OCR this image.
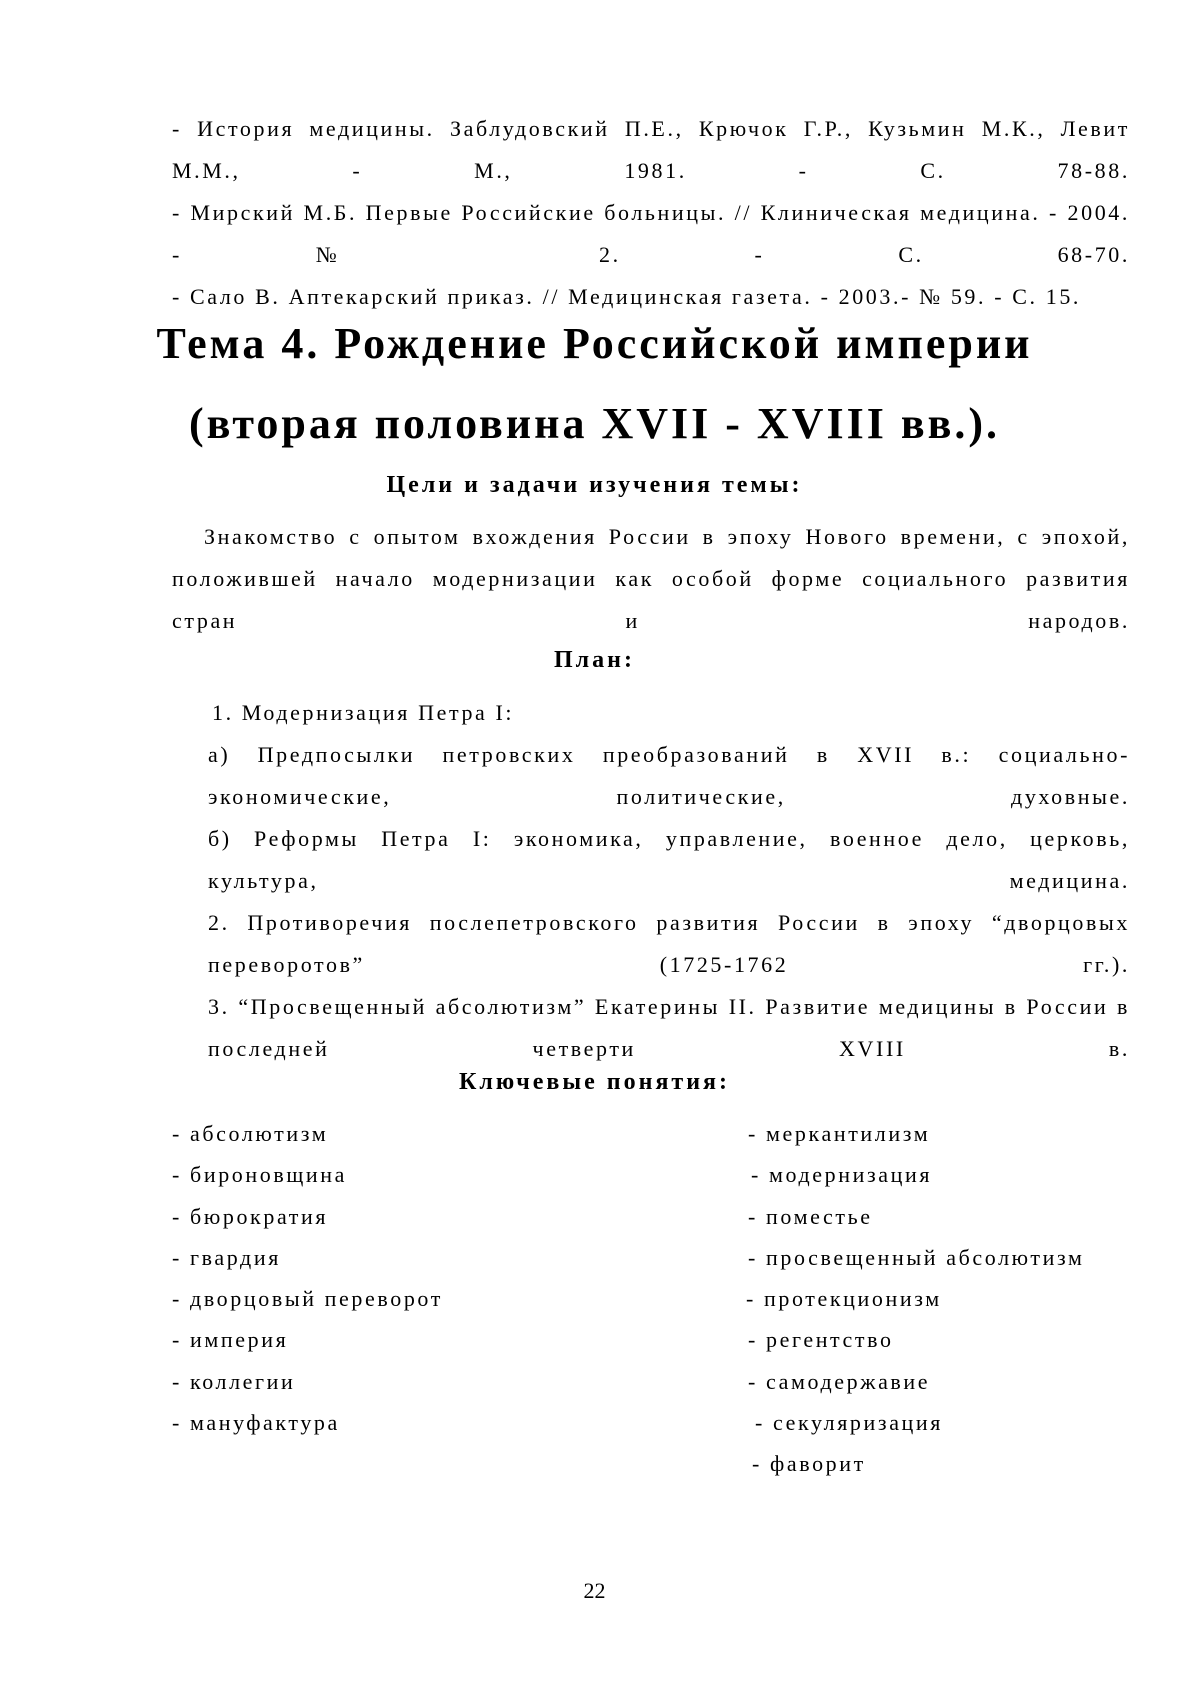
- История медицины. Заблудовский П.Е., Крючок Г.Р., Кузьмин М.К., Левит М.М., - М., 1981. - С. 78-88.

- Мирский М.Б. Первые Российские больницы. // Клиническая медицина. - 2004. - № 2. - С. 68-70.

- Сало В. Аптекарский приказ. // Медицинская газета. - 2003.- № 59. - С. 15.

Тема 4. Рождение Российской империи
(вторая половина XVII - XVIII вв.).
Цели и задачи изучения темы:

Знакомство с опытом вхождения России в эпоху Нового времени, с эпохой, положившей начало модернизации как особой форме социального развития стран и народов.

План:

1. Модернизация Петра I:

а) Предпосылки петровских преобразований в XVII в.: социально-экономические, политические, духовные.

б) Реформы Петра I: экономика, управление, военное дело, церковь, культура, медицина.

2. Противоречия послепетровского развития России в эпоху “дворцовых переворотов” (1725-1762 гг.).

3. “Просвещенный абсолютизм” Екатерины II. Развитие медицины в России в последней четверти XVIII в.

Ключевые понятия:
- абсолютизм
- бироновщина
- бюрократия
- гвардия
- дворцовый переворот
- империя
- коллегии
- мануфактура
- меркантилизм
- модернизация
- поместье
- просвещенный абсолютизм
- протекционизм
- регентство
- самодержавие
- секуляризация
- фаворит
22
